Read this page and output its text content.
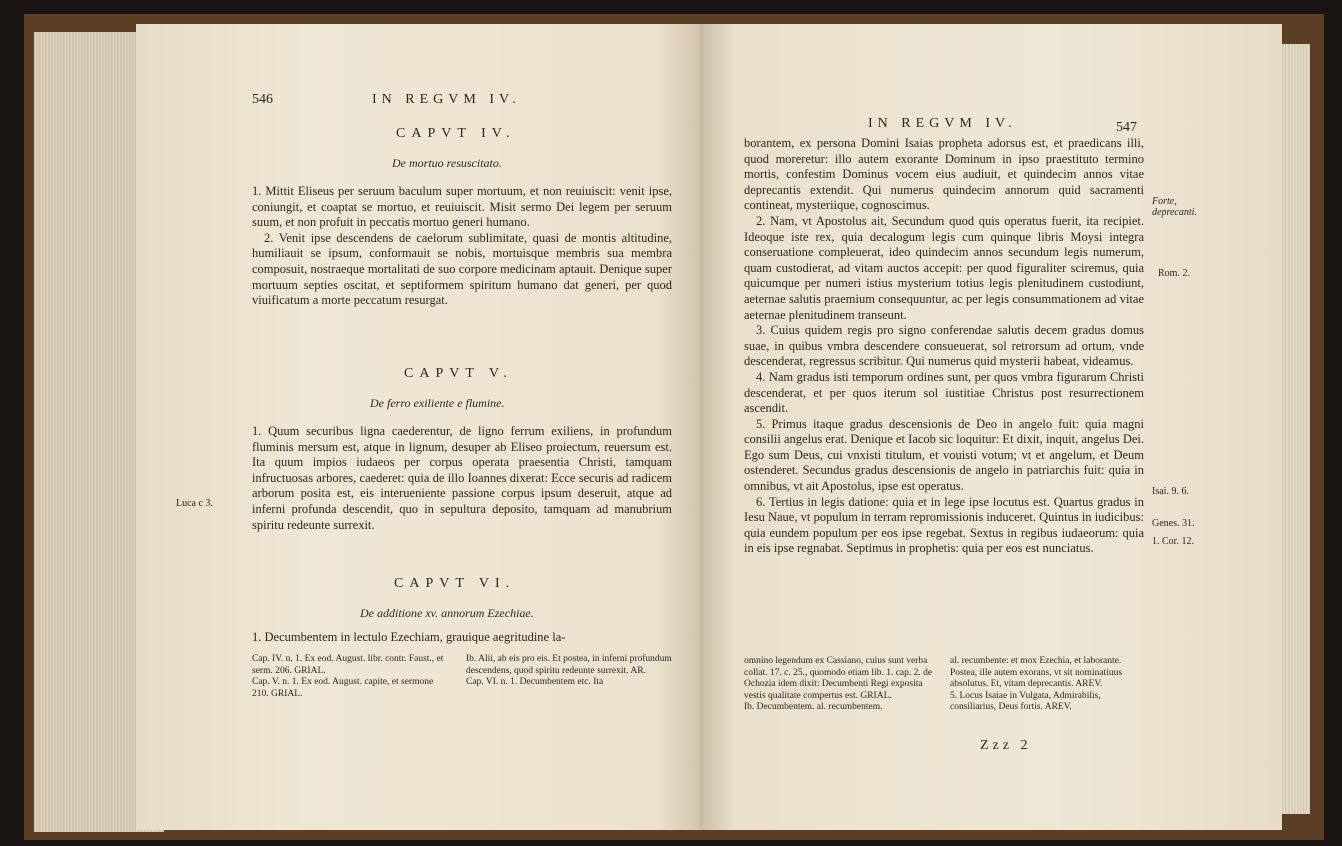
546	IN REGVM IV.
CAPVT IV.
De mortuo resuscitato.

1. Mittit Eliseus per seruum baculum super mortuum, et non reuiuiscit: venit ipse, coniungit, et coaptat se mortuo, et reuiuiscit. Misit sermo Dei legem per seruum suum, et non profuit in peccatis mortuo generi humano.

2. Venit ipse descendens de caelorum sublimitate, quasi de montis altitudine, humiliauit se ipsum, conformauit se nobis, mortuisque membris sua membra composuit, nostraeque mortalitati de suo corpore medicinam aptauit. Denique super mortuum septies oscitat, et septiformem spiritum humano dat generi, per quod viuificatum a morte peccatum resurgat.

CAPVT V.
De ferro exiliente e flumine.

1. Quum securibus ligna caederentur, de ligno ferrum exiliens, in profundum fluminis mersum est, atque in lignum, desuper ab Eliseo proiectum, reuersum est. Ita quum impios iudaeos per corpus operata praesentia Christi, tamquam infructuosas arbores, caederet: quia de illo Ioannes dixerat: Ecce securis ad radicem arborum posita est, eis interueniente passione corpus ipsum deseruit, atque ad inferni profunda descendit, quo in sepultura deposito, tamquam ad manubrium spiritu redeunte surrexit.

CAPVT VI.
De additione xv. annorum Ezechiae.

1. Decumbentem in lectulo Ezechiam, grauique aegritudine la-

Cap. IV. n. 1. Ex eod. August. libr. contr. Faust., et serm. 206. GRIAL.

Cap. V. n. 1. Ex eod. August. capite, et sermone 210. GRIAL.

Ib. Alii, ab eis pro eis. Et postea, in inferni profundum descendens, quod spiritu redeunte surrexit. AR.

Cap. VI. n. 1. Decumbentem etc. Ita

Luca c 3.
IN REGVM IV.	547

borantem, ex persona Domini Isaias propheta adorsus est, et praedicans illi, quod moreretur: illo autem exorante Dominum in ipso praestituto termino mortis, confestim Dominus vocem eius audiuit, et quindecim annos vitae deprecantis extendit. Qui numerus quindecim annorum quid sacramenti contineat, mysteriique, cognoscimus.

2. Nam, vt Apostolus ait, Secundum quod quis operatus fuerit, ita recipiet. Ideoque iste rex, quia decalogum legis cum quinque libris Moysi integra conseruatione compleuerat, ideo quindecim annos secundum legis numerum, quam custodierat, ad vitam auctos accepit: per quod figuraliter sciremus, quia quicumque per numeri istius mysterium totius legis plenitudinem custodiunt, aeternae salutis praemium consequuntur, ac per legis consummationem ad vitae aeternae plenitudinem transeunt.

3. Cuius quidem regis pro signo conferendae salutis decem gradus domus suae, in quibus vmbra descendere consueuerat, sol retrorsum ad ortum, vnde descenderat, regressus scribitur. Qui numerus quid mysterii habeat, videamus.

4. Nam gradus isti temporum ordines sunt, per quos vmbra figurarum Christi descenderat, et per quos iterum sol iustitiae Christus post resurrectionem ascendit.

5. Primus itaque gradus descensionis de Deo in angelo fuit: quia magni consilii angelus erat. Denique et Iacob sic loquitur: Et dixit, inquit, angelus Dei. Ego sum Deus, cui vnxisti titulum, et vouisti votum; vt et angelum, et Deum ostenderet. Secundus gradus descensionis de angelo in patriarchis fuit: quia in omnibus, vt ait Apostolus, ipse est operatus.

6. Tertius in legis datione: quia et in lege ipse locutus est. Quartus gradus in Iesu Naue, vt populum in terram repromissionis induceret. Quintus in iudicibus: quia eundem populum per eos ipse regebat. Sextus in regibus iudaeorum: quia in eis ipse regnabat. Septimus in prophetis: quia per eos est nunciatus.

Forte, deprecanti.
Rom. 2.
Isai. 9. 6.
Genes. 31.
1. Cor. 12.

omnino legendum ex Cassiano, cuius sunt verba collat. 17. c. 25., quomodo etiam lib. 1. cap. 2. de Ochozia idem dixit: Decumbenti Regi exposita vestis qualitate compertus est. GRIAL.

Ib. Decumbentem. al. recumbentem.

al. recumbente: et mox Ezechia, et laborante. Postea, ille autem exorans, vt sit nominatiuus absolutus. Et, vitam deprecantis. AREV.

5. Locus Isaiae in Vulgata, Admirabilis, consiliarius, Deus fortis. AREV.

Zzz 2
